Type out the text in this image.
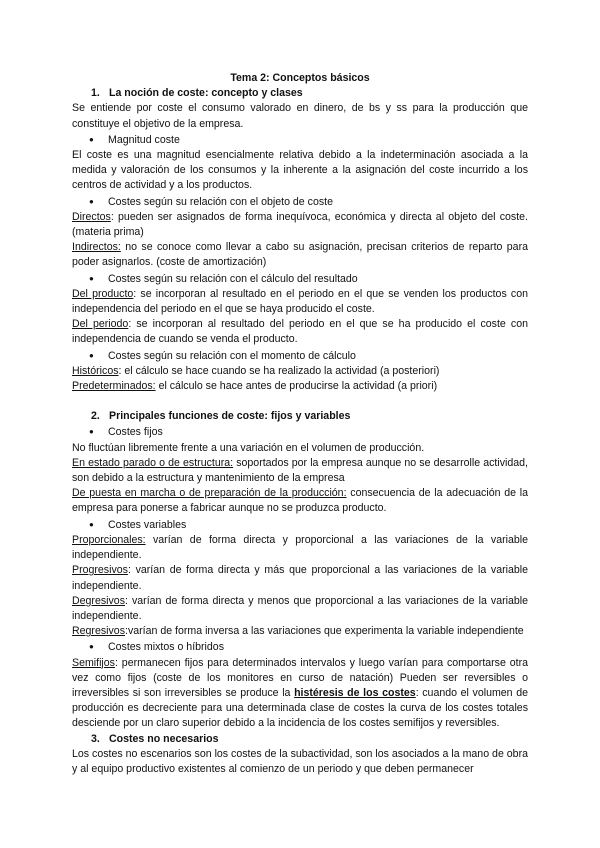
Tema 2: Conceptos básicos

1. La noción de coste: concepto y clases

Se entiende por coste el consumo valorado en dinero, de bs y ss para la producción que constituye el objetivo de la empresa.

● Magnitud coste

El coste es una magnitud esencialmente relativa debido a la indeterminación asociada a la medida y valoración de los consumos y la inherente a la asignación del coste incurrido a los centros de actividad y a los productos.

● Costes según su relación con el objeto de coste

Directos: pueden ser asignados de forma inequívoca, económica y directa al objeto del coste. (materia prima)

Indirectos: no se conoce como llevar a cabo su asignación, precisan criterios de reparto para poder asignarlos. (coste de amortización)

● Costes según su relación con el cálculo del resultado

Del producto: se incorporan al resultado en el periodo en el que se venden los productos con independencia del periodo en el que se haya producido el coste.

Del periodo: se incorporan al resultado del periodo en el que se ha producido el coste con independencia de cuando se venda el producto.

● Costes según su relación con el momento de cálculo

Históricos: el cálculo se hace cuando se ha realizado la actividad (a posteriori)

Predeterminados: el cálculo se hace antes de producirse la actividad (a priori)

2. Principales funciones de coste: fijos y variables

● Costes fijos

No fluctúan libremente frente a una variación en el volumen de producción.

En estado parado o de estructura: soportados por la empresa aunque no se desarrolle actividad, son debido a la estructura y mantenimiento de la empresa

De puesta en marcha o de preparación de la producción: consecuencia de la adecuación de la empresa para ponerse a fabricar aunque no se produzca producto.

● Costes variables

Proporcionales: varían de forma directa y proporcional a las variaciones de la variable independiente.

Progresivos: varían de forma directa y más que proporcional a las variaciones de la variable independiente.

Degresivos: varían de forma directa y menos que proporcional a las variaciones de la variable independiente.

Regresivos:varían de forma inversa a las variaciones que experimenta la variable independiente

● Costes mixtos o híbridos

Semifijos: permanecen fijos para determinados intervalos y luego varían para comportarse otra vez como fijos (coste de los monitores en curso de natación) Pueden ser reversibles o irreversibles si son irreversibles se produce la histéresis de los costes: cuando el volumen de producción es decreciente para una determinada clase de costes la curva de los costes totales desciende por un claro superior debido a la incidencia de los costes semifijos y reversibles.

3. Costes no necesarios

Los costes no escenarios son los costes de la subactividad, son los asociados a la mano de obra y al equipo productivo existentes al comienzo de un periodo y que deben permanecer
